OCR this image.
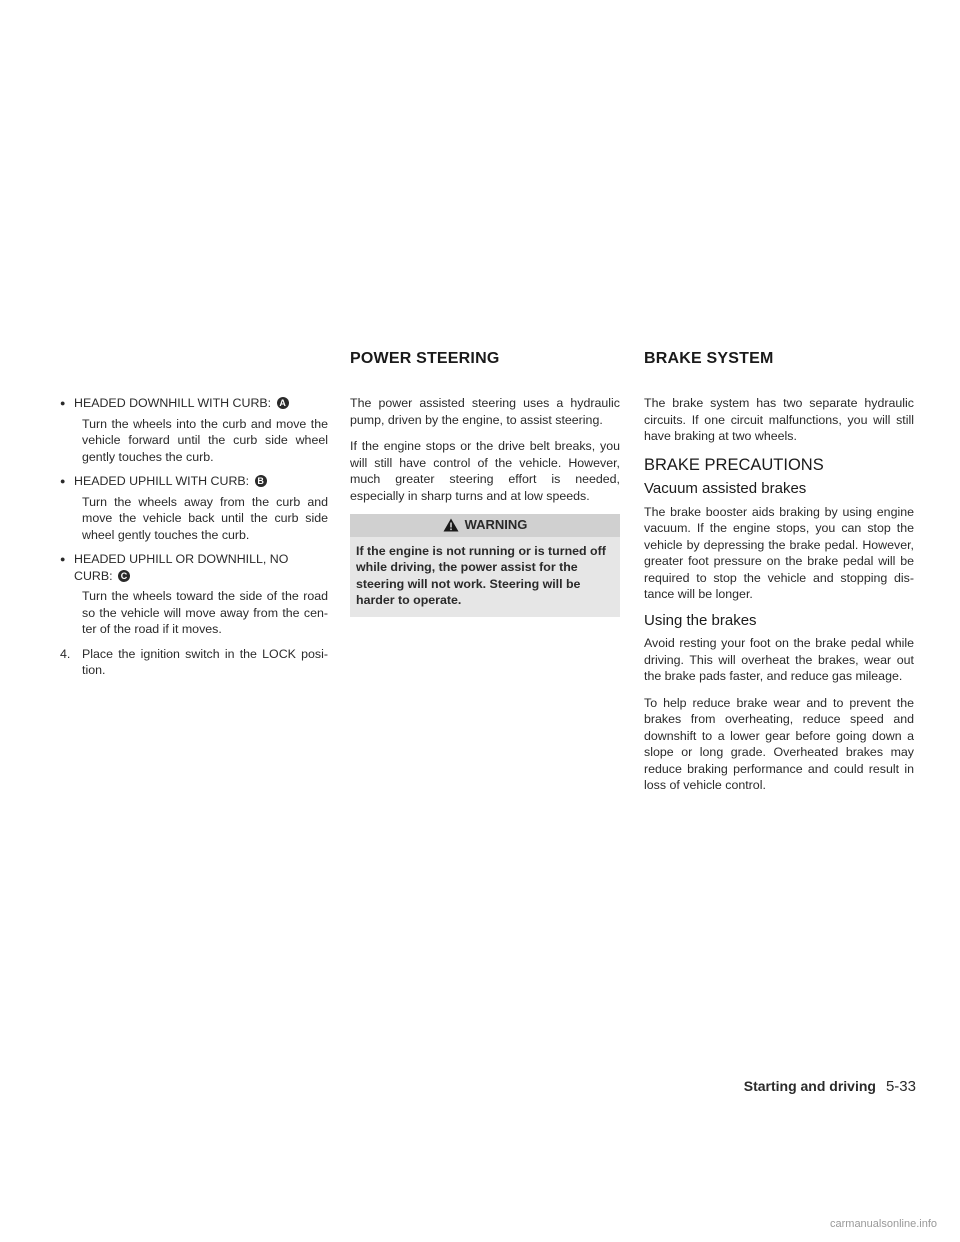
POWER STEERING	BRAKE SYSTEM
● HEADED DOWNHILL WITH CURB: A
Turn the wheels into the curb and move the vehicle forward until the curb side wheel gently touches the curb.
● HEADED UPHILL WITH CURB: B
Turn the wheels away from the curb and move the vehicle back until the curb side wheel gently touches the curb.
● HEADED UPHILL OR DOWNHILL, NO CURB: C
Turn the wheels toward the side of the road so the vehicle will move away from the cen- ter of the road if it moves.
4. Place the ignition switch in the LOCK posi- tion.

The power assisted steering uses a hydraulic pump, driven by the engine, to assist steering.

If the engine stops or the drive belt breaks, you will still have control of the vehicle. However, much greater steering effort is needed, especially in sharp turns and at low speeds.

WARNING
If the engine is not running or is turned off while driving, the power assist for the steering will not work. Steering will be harder to operate.

The brake system has two separate hydraulic circuits. If one circuit malfunctions, you will still have braking at two wheels.

BRAKE PRECAUTIONS
Vacuum assisted brakes

The brake booster aids braking by using engine vacuum. If the engine stops, you can stop the vehicle by depressing the brake pedal. However, greater foot pressure on the brake pedal will be required to stop the vehicle and stopping dis- tance will be longer.

Using the brakes

Avoid resting your foot on the brake pedal while driving. This will overheat the brakes, wear out the brake pads faster, and reduce gas mileage.

To help reduce brake wear and to prevent the brakes from overheating, reduce speed and downshift to a lower gear before going down a slope or long grade. Overheated brakes may reduce braking performance and could result in loss of vehicle control.

Starting and driving 5-33
carmanualsonline.info
